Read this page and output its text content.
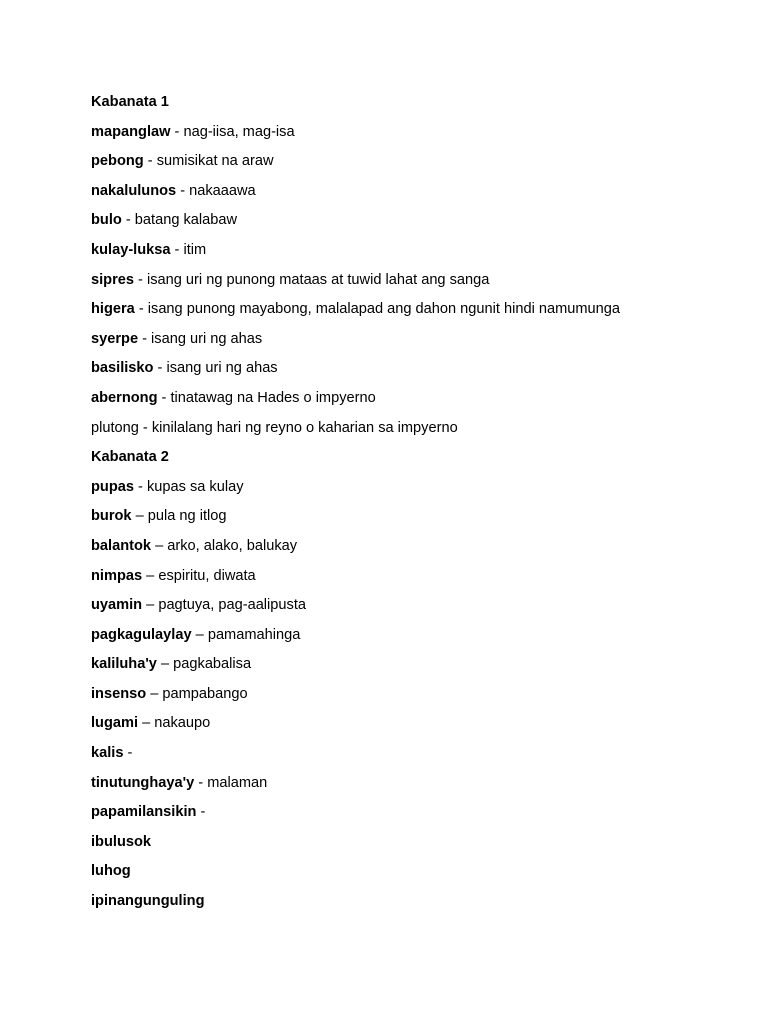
Kabanata 1
mapanglaw - nag-iisa, mag-isa
pebong - sumisikat na araw
nakalulunos - nakaaawa
bulo - batang kalabaw
kulay-luksa - itim
sipres - isang uri ng punong mataas at tuwid lahat ang sanga
higera - isang punong mayabong, malalapad ang dahon ngunit hindi namumunga
syerpe - isang uri ng ahas
basilisko - isang uri ng ahas
abernong - tinatawag na Hades o impyerno
plutong - kinilalang hari ng reyno o kaharian sa impyerno
Kabanata 2
pupas - kupas sa kulay
burok – pula ng itlog
balantok – arko, alako, balukay
nimpas – espiritu, diwata
uyamin – pagtuya, pag-aalipusta
pagkagulaylay – pamamahinga
kaliluha'y – pagkabalisa
insenso – pampabango
lugami – nakaupo
kalis -
tinutunghaya'y - malaman
papamilansikin -
ibulusok
luhog
ipinangunguling
